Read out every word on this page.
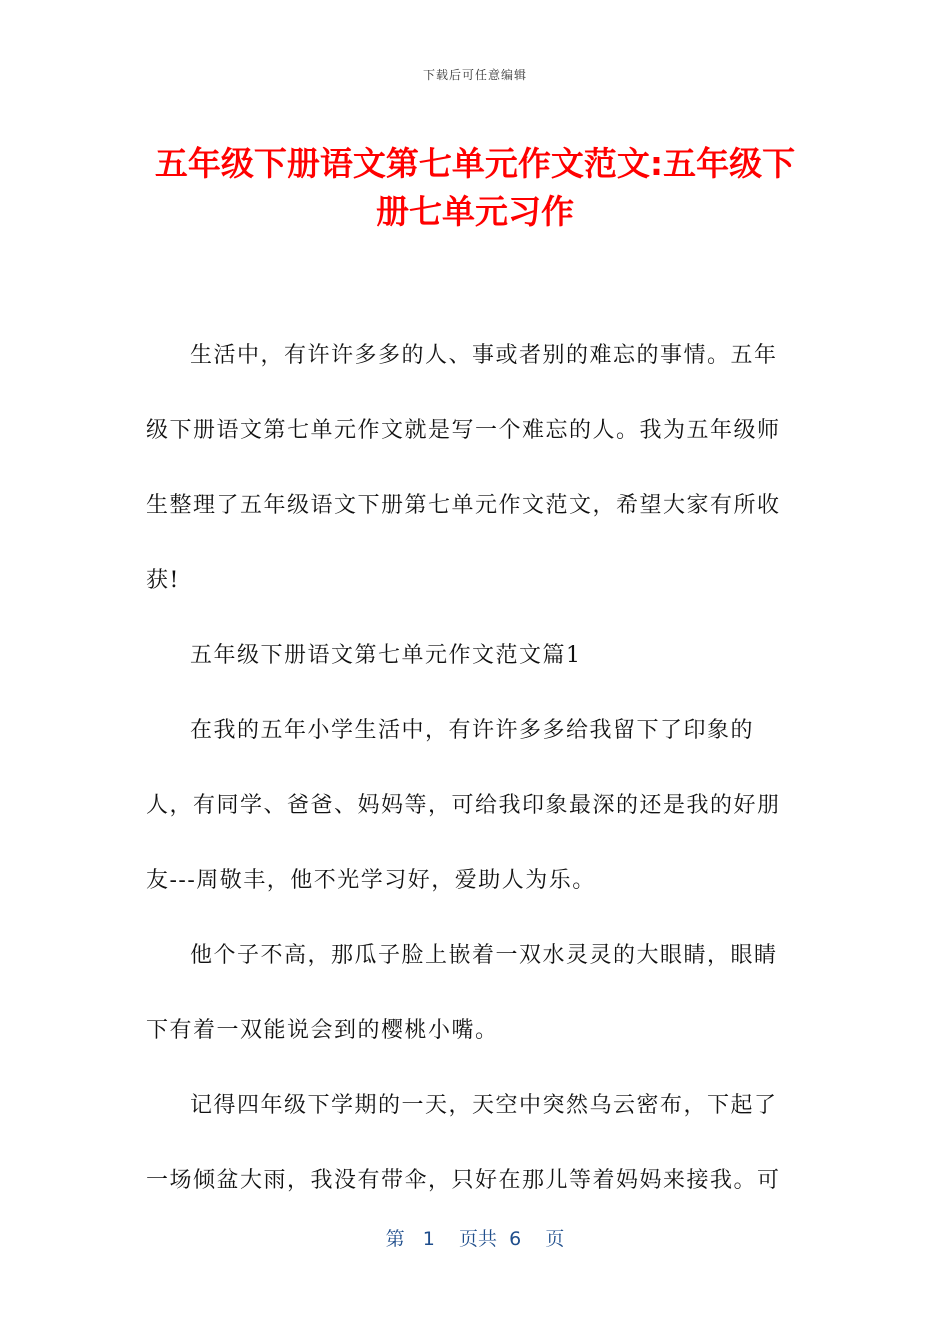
下载后可任意编辑
五年级下册语文第七单元作文范文:五年级下册七单元习作

生活中，有许许多多的人、事或者别的难忘的事情。五年级下册语文第七单元作文就是写一个难忘的人。我为五年级师生整理了五年级语文下册第七单元作文范文，希望大家有所收获!

五年级下册语文第七单元作文范文篇1

在我的五年小学生活中，有许许多多给我留下了印象的人，有同学、爸爸、妈妈等，可给我印象最深的还是我的好朋友---周敬丰，他不光学习好，爱助人为乐。

他个子不高，那瓜子脸上嵌着一双水灵灵的大眼睛，眼睛下有着一双能说会到的樱桃小嘴。

记得四年级下学期的一天，天空中突然乌云密布，下起了一场倾盆大雨，我没有带伞，只好在那儿等着妈妈来接我。可

第 1 页共 6 页
